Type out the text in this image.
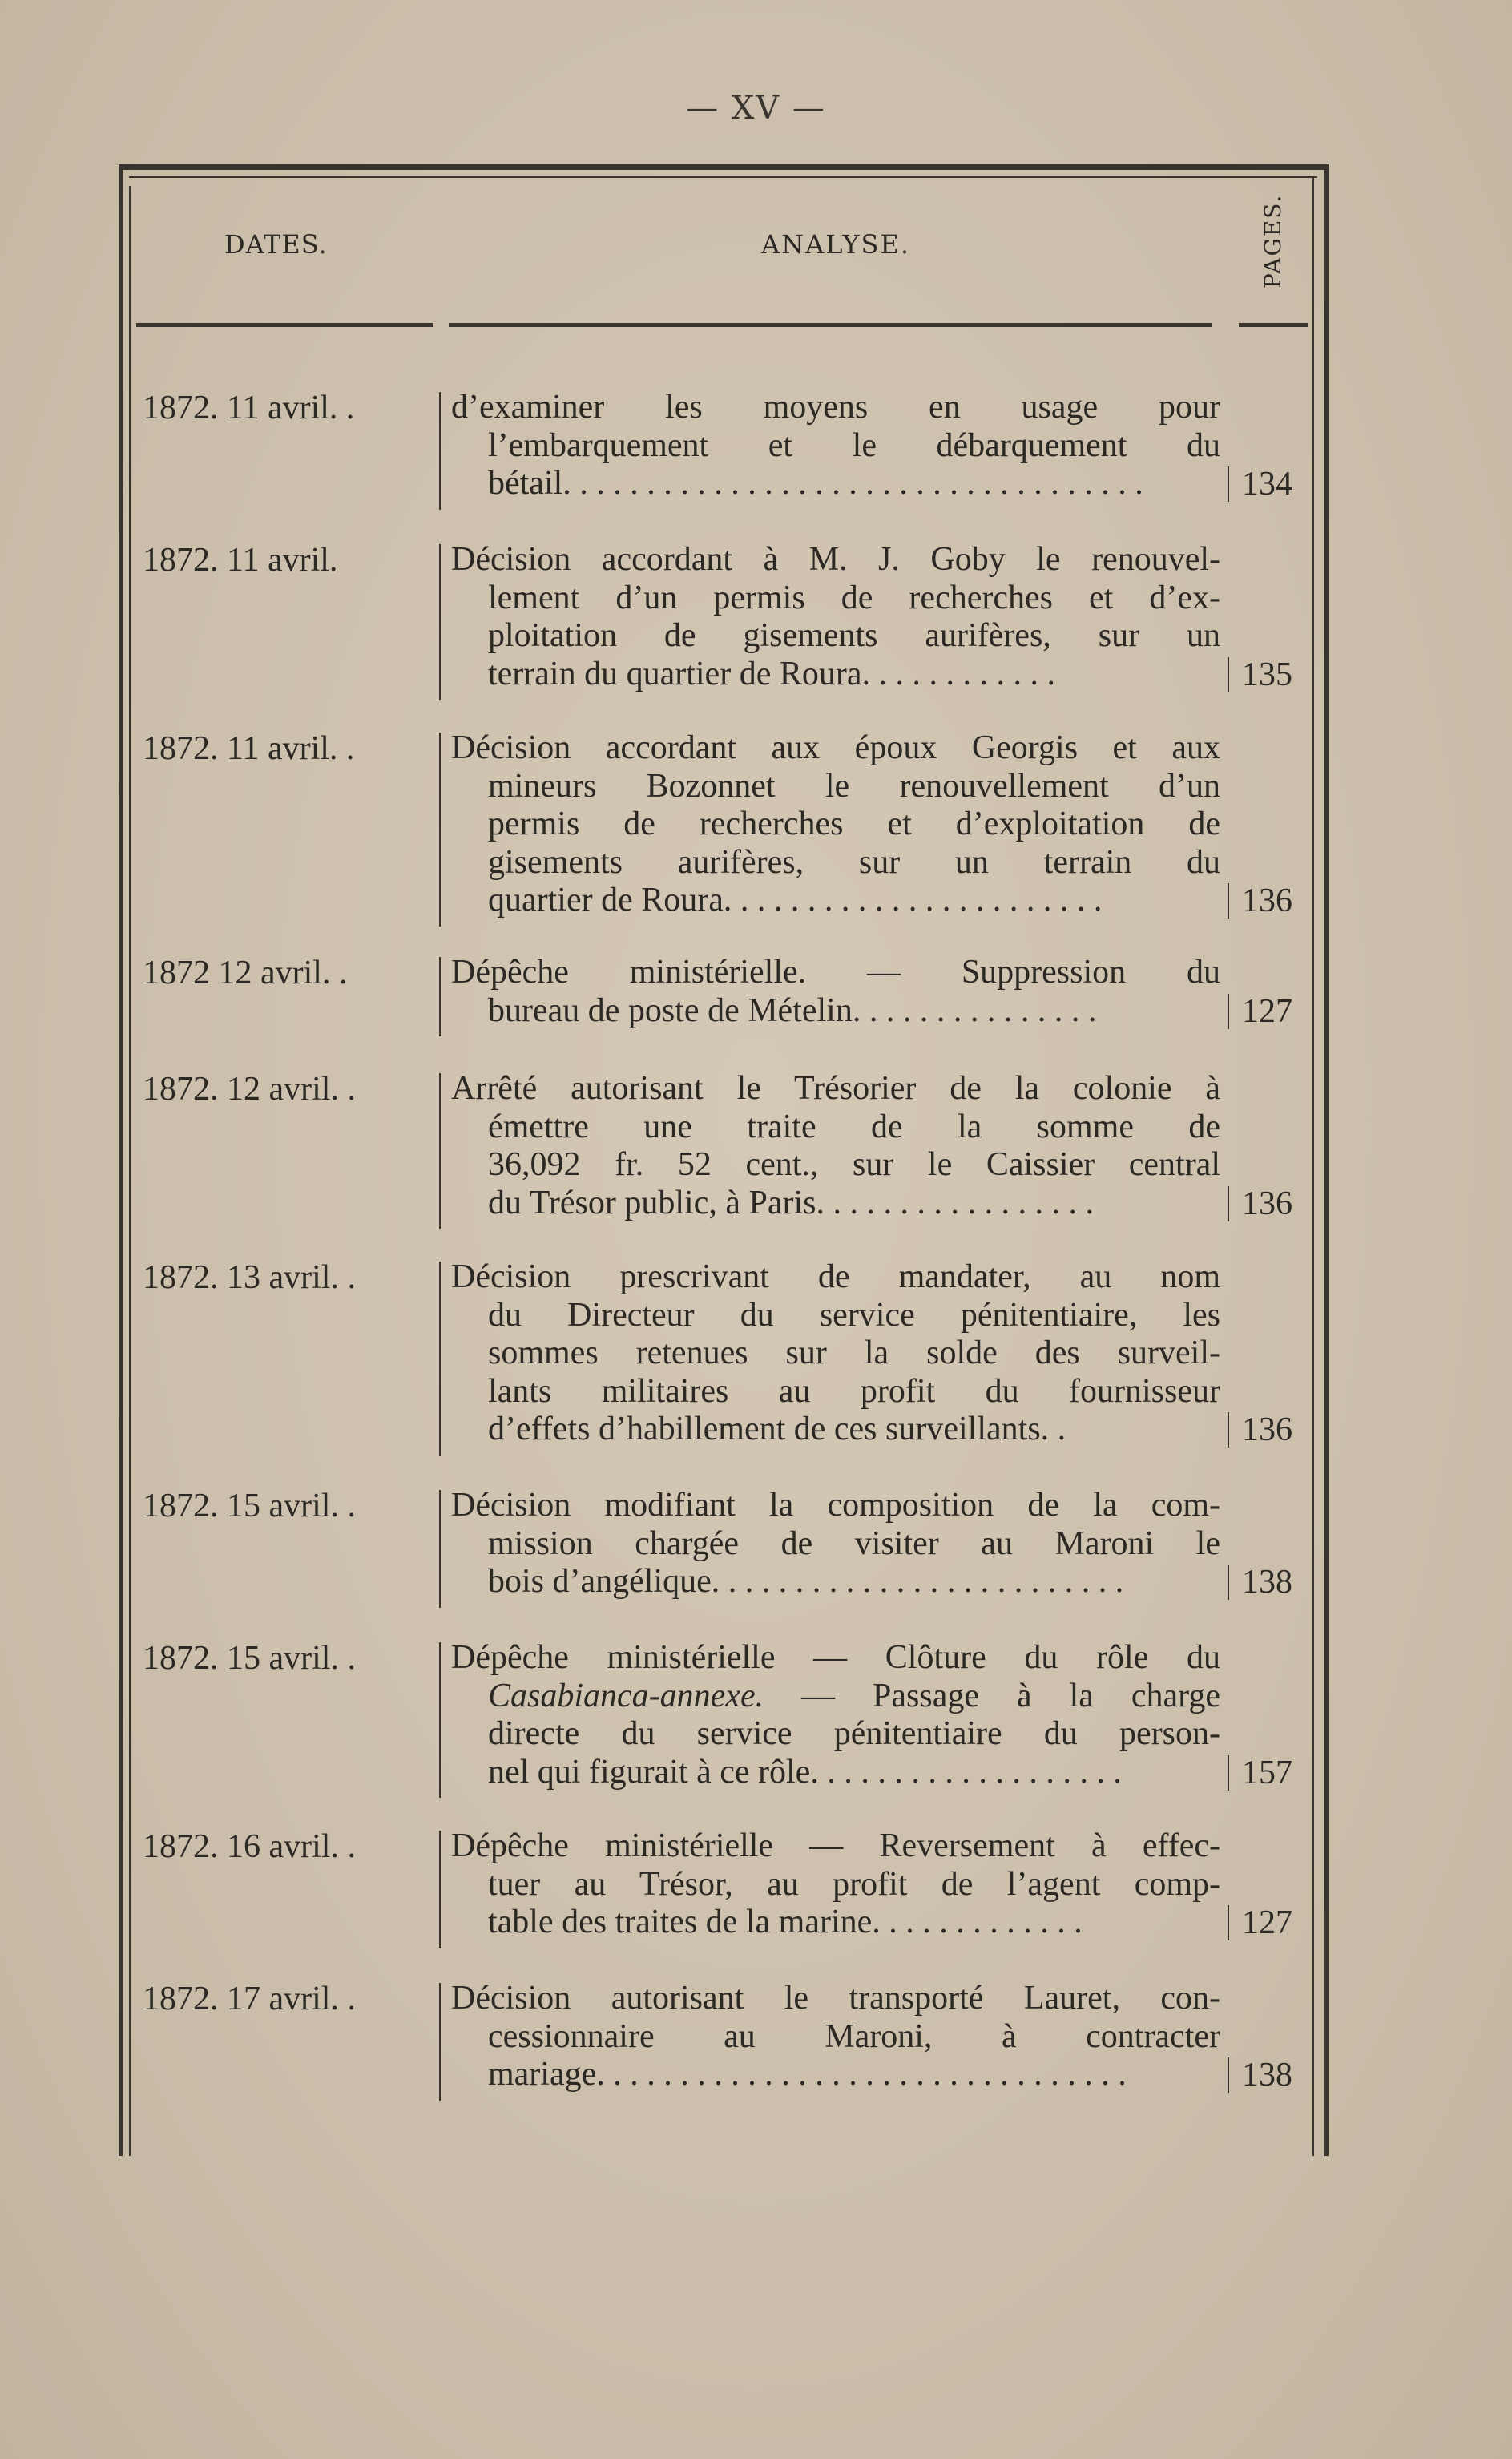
— XV —
DATES.	ANALYSE.	PAGES.
1872. 11 avril. .	d’examiner les moyens en usage pour
l’embarquement et le débarquement du
bétail. . . . . . . . . . . . . . . . . . . . . . . . . . . . . . . . . . .	134
1872. 11 avril.	Décision accordant à M. J. Goby le renouvel-
lement d’un permis de recherches et d’ex-
ploitation de gisements aurifères, sur un
terrain du quartier de Roura. . . . . . . . . . . .	135
1872. 11 avril. .	Décision accordant aux époux Georgis et aux
mineurs Bozonnet le renouvellement d’un
permis de recherches et d’exploitation de
gisements aurifères, sur un terrain du
quartier de Roura. . . . . . . . . . . . . . . . . . . . . . .	136
1872 12 avril. .	Dépêche ministérielle. — Suppression du
bureau de poste de Mételin. . . . . . . . . . . . . . .	127
1872. 12 avril. .	Arrêté autorisant le Trésorier de la colonie à
émettre une traite de la somme de
36,092 fr. 52 cent., sur le Caissier central
du Trésor public, à Paris. . . . . . . . . . . . . . . . .	136
1872. 13 avril. .	Décision prescrivant de mandater, au nom
du Directeur du service pénitentiaire, les
sommes retenues sur la solde des surveil-
lants militaires au profit du fournisseur
d’effets d’habillement de ces surveillants. .	136
1872. 15 avril. .	Décision modifiant la composition de la com-
mission chargée de visiter au Maroni le
bois d’angélique. . . . . . . . . . . . . . . . . . . . . . . . .	138
1872. 15 avril. .	Dépêche ministérielle — Clôture du rôle du
Casabianca-annexe. — Passage à la charge
directe du service pénitentiaire du person-
nel qui figurait à ce rôle. . . . . . . . . . . . . . . . . . .	157
1872. 16 avril. .	Dépêche ministérielle — Reversement à effec-
tuer au Trésor, au profit de l’agent comp-
table des traites de la marine. . . . . . . . . . . . .	127
1872. 17 avril. .	Décision autorisant le transporté Lauret, con-
cessionnaire au Maroni, à contracter
mariage. . . . . . . . . . . . . . . . . . . . . . . . . . . . . . . .	138
